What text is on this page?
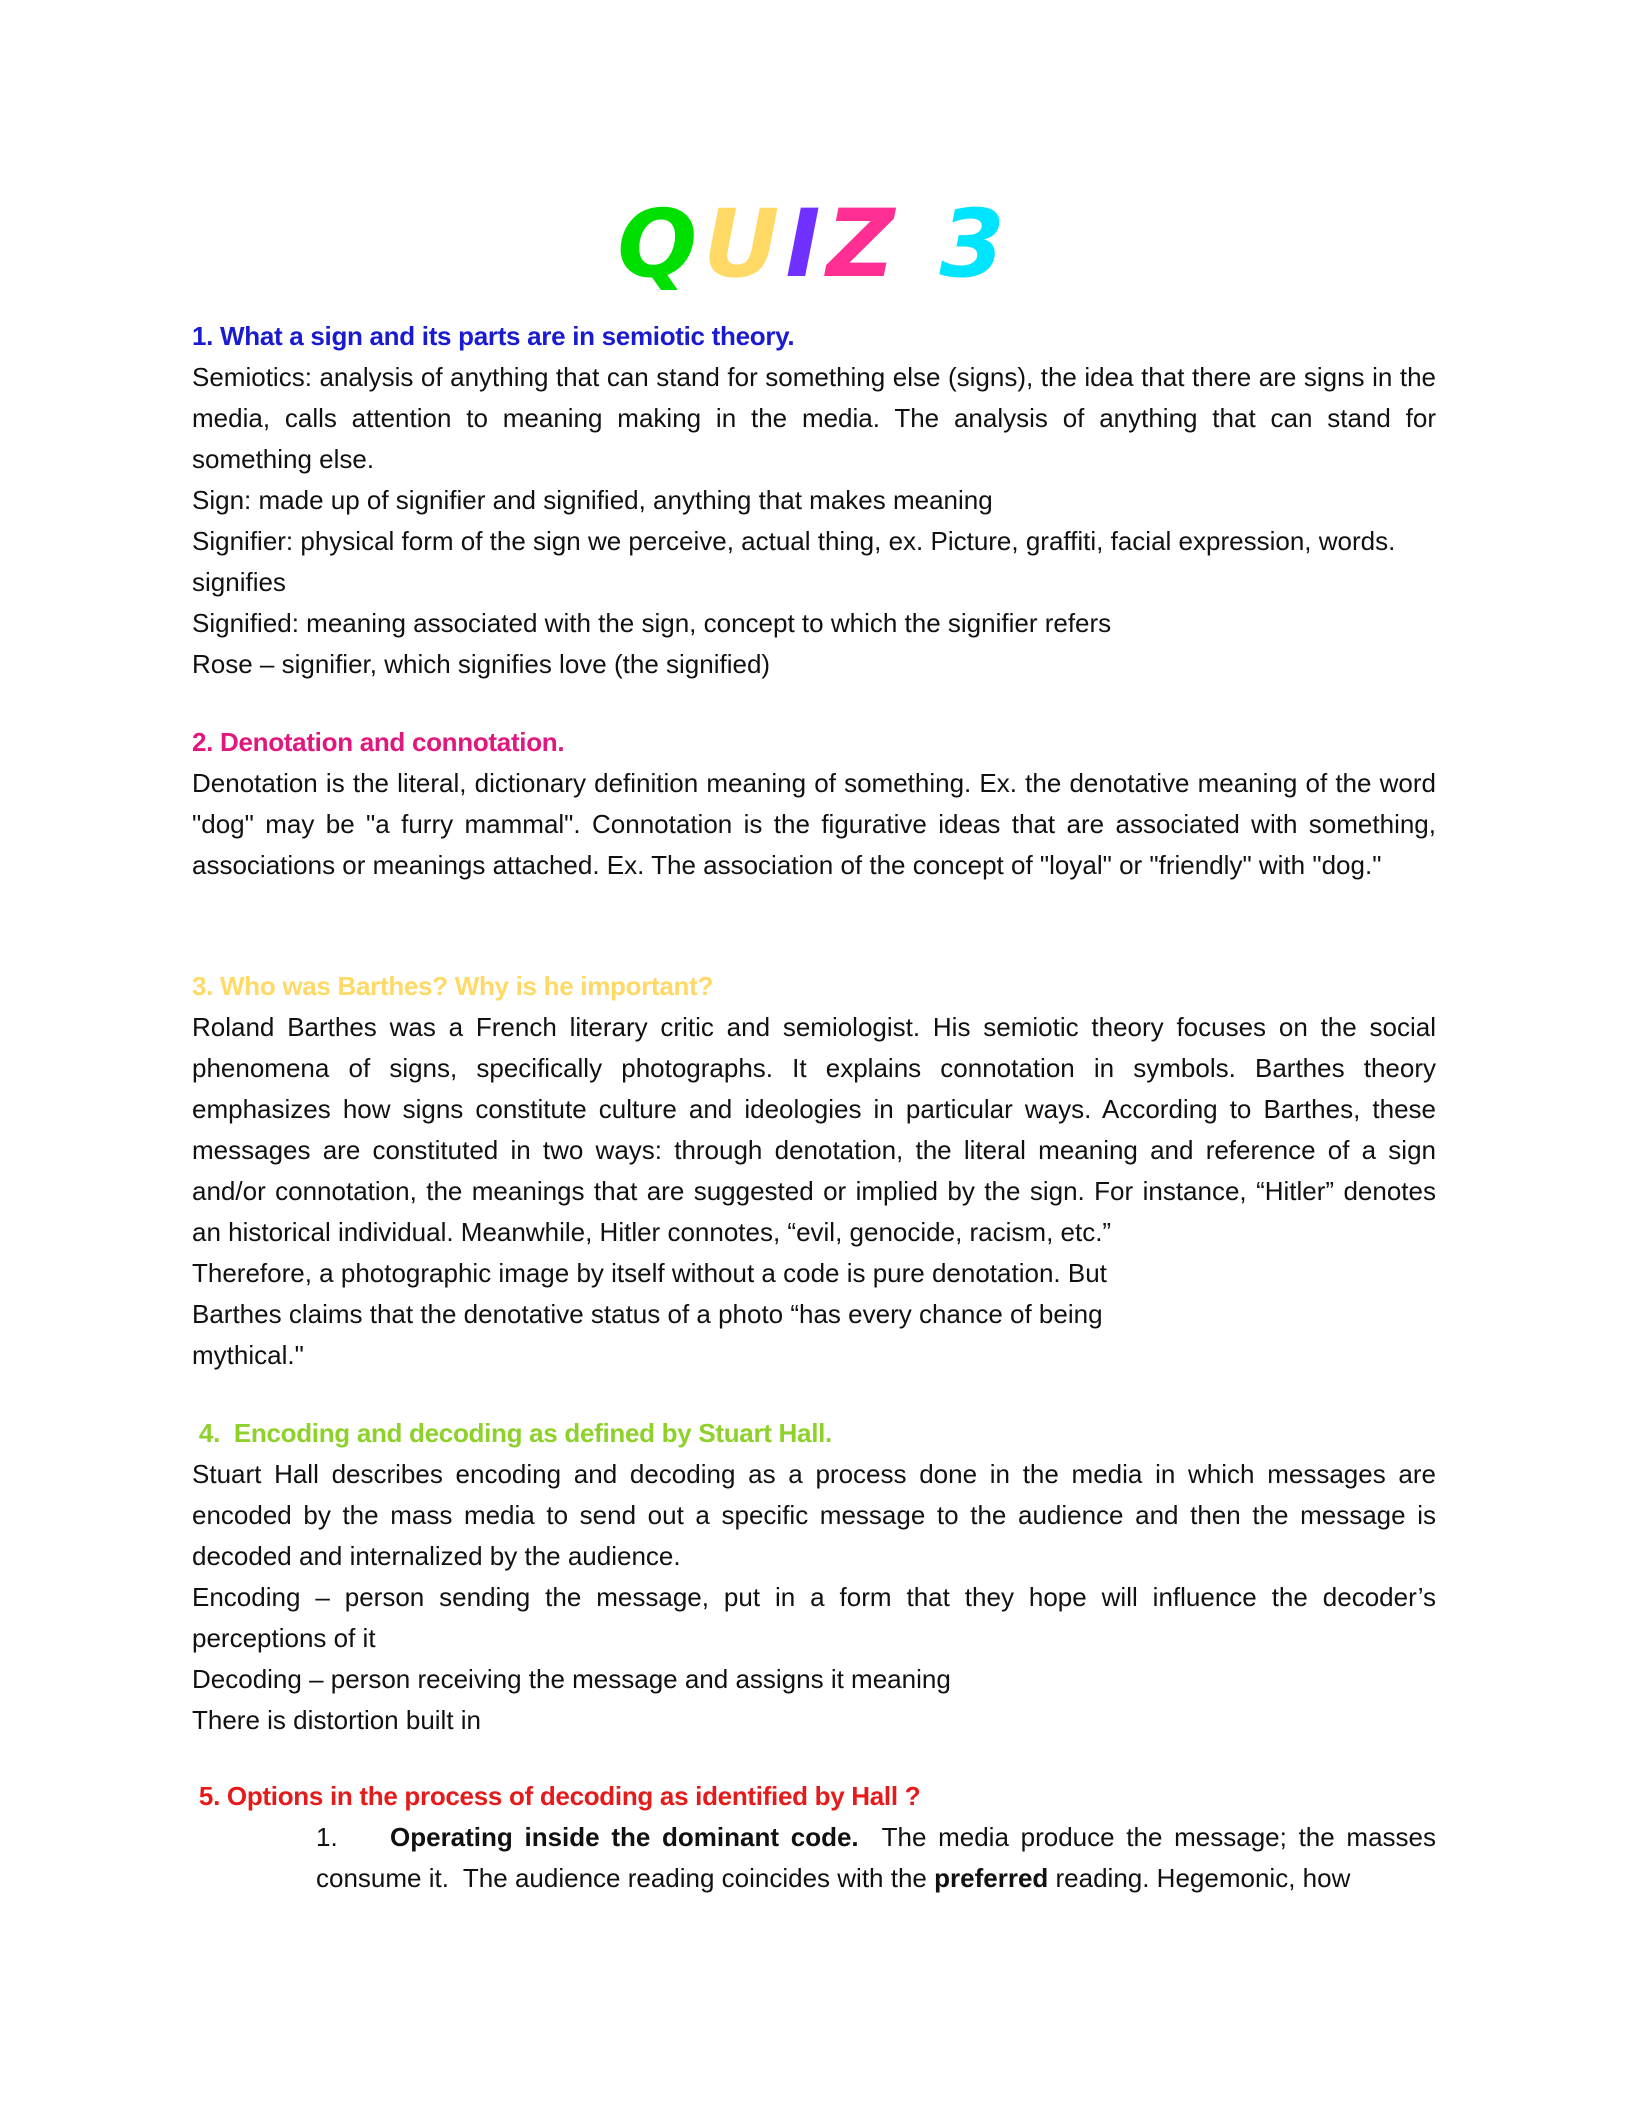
QUIZ 3

1. What a sign and its parts are in semiotic theory.

Semiotics: analysis of anything that can stand for something else (signs), the idea that there are signs in the media, calls attention to meaning making in the media. The analysis of anything that can stand for something else.

Sign: made up of signifier and signified, anything that makes meaning

Signifier: physical form of the sign we perceive, actual thing, ex. Picture, graffiti, facial expression, words.

signifies

Signified: meaning associated with the sign, concept to which the signifier refers

Rose – signifier, which signifies love (the signified)

2. Denotation and connotation.

Denotation is the literal, dictionary definition meaning of something. Ex. the denotative meaning of the word "dog" may be "a furry mammal". Connotation is the figurative ideas that are associated with something, associations or meanings attached. Ex. The association of the concept of "loyal" or "friendly" with "dog."

3. Who was Barthes? Why is he important?

Roland Barthes was a French literary critic and semiologist. His semiotic theory focuses on the social phenomena of signs, specifically photographs. It explains connotation in symbols. Barthes theory emphasizes how signs constitute culture and ideologies in particular ways. According to Barthes, these messages are constituted in two ways: through denotation, the literal meaning and reference of a sign and/or connotation, the meanings that are suggested or implied by the sign. For instance, “Hitler” denotes an historical individual. Meanwhile, Hitler connotes, “evil, genocide, racism, etc.”

Therefore, a photographic image by itself without a code is pure denotation. But

Barthes claims that the denotative status of a photo “has every chance of being

mythical."

4.  Encoding and decoding as defined by Stuart Hall.

Stuart Hall describes encoding and decoding as a process done in the media in which messages are encoded by the mass media to send out a specific message to the audience and then the message is decoded and internalized by the audience.

Encoding – person sending the message, put in a form that they hope will influence the decoder’s perceptions of it

Decoding – person receiving the message and assigns it meaning

There is distortion built in

5. Options in the process of decoding as identified by Hall ?

1. Operating inside the dominant code.  The media produce the message; the masses consume it.  The audience reading coincides with the preferred reading. Hegemonic, how
